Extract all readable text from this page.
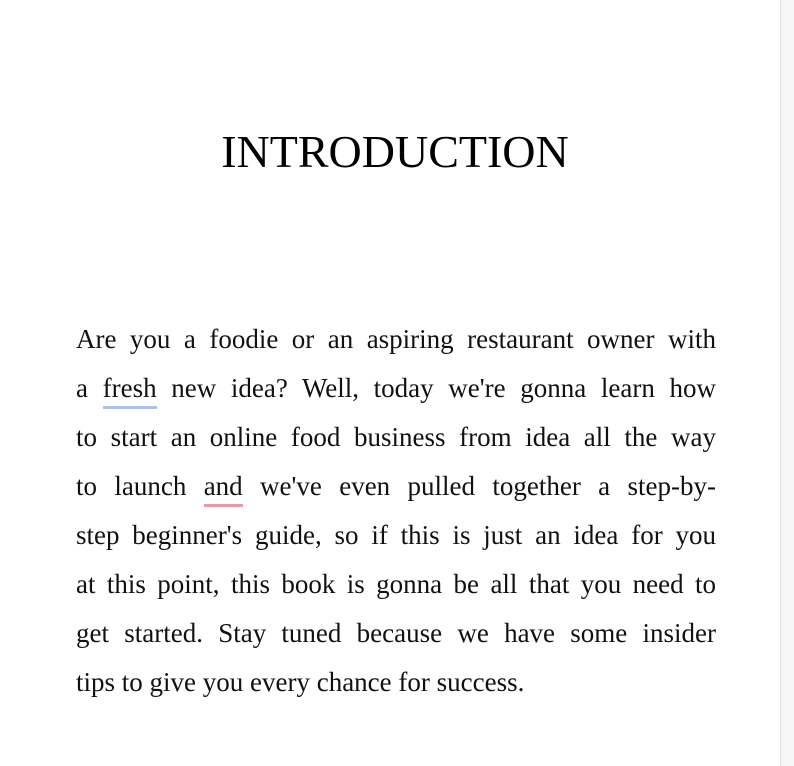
INTRODUCTION

Are you a foodie or an aspiring restaurant owner with
a fresh new idea? Well, today we're gonna learn how
to start an online food business from idea all the way
to launch and we've even pulled together a step-by-
step beginner's guide, so if this is just an idea for you
at this point, this book is gonna be all that you need to
get started. Stay tuned because we have some insider
tips to give you every chance for success.
